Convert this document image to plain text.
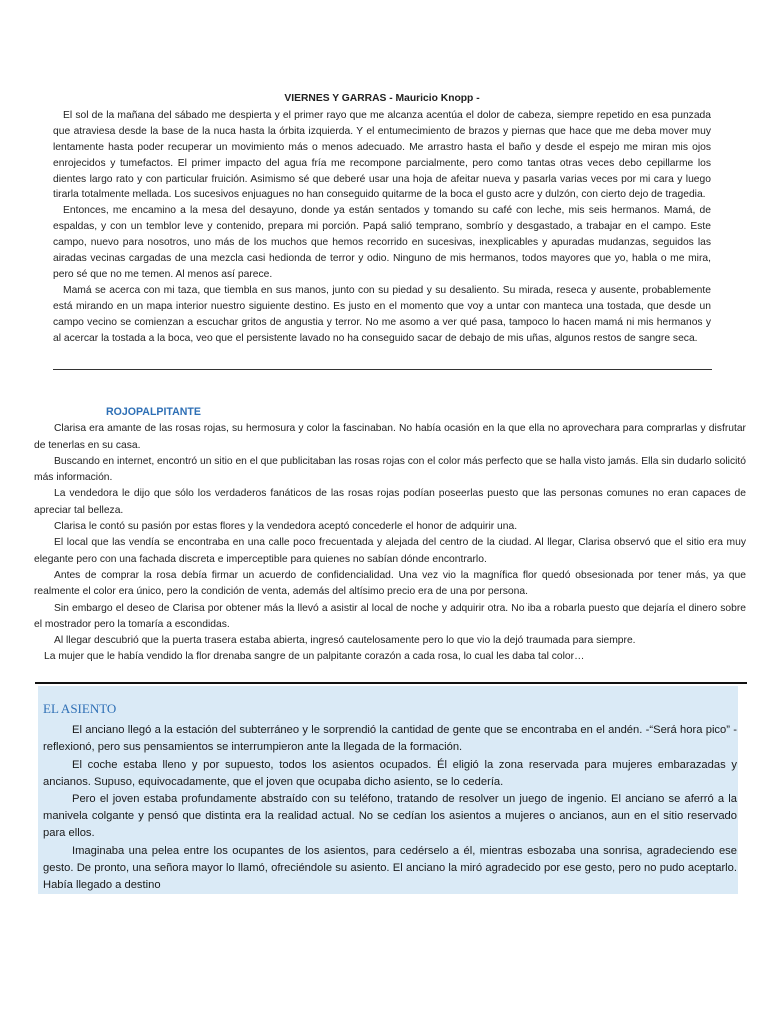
VIERNES Y GARRAS - Mauricio Knopp -

El sol de la mañana del sábado me despierta y el primer rayo que me alcanza acentúa el dolor de cabeza, siempre repetido en esa punzada que atraviesa desde la base de la nuca hasta la órbita izquierda. Y el entumecimiento de brazos y piernas que hace que me deba mover muy lentamente hasta poder recuperar un movimiento más o menos adecuado. Me arrastro hasta el baño y desde el espejo me miran mis ojos enrojecidos y tumefactos. El primer impacto del agua fría me recompone parcialmente, pero como tantas otras veces debo cepillarme los dientes largo rato y con particular fruición. Asimismo sé que deberé usar una hoja de afeitar nueva y pasarla varias veces por mi cara y luego tirarla totalmente mellada. Los sucesivos enjuagues no han conseguido quitarme de la boca el gusto acre y dulzón, con cierto dejo de tragedia.

Entonces, me encamino a la mesa del desayuno, donde ya están sentados y tomando su café con leche, mis seis hermanos. Mamá, de espaldas, y con un temblor leve y contenido, prepara mi porción. Papá salió temprano, sombrío y desgastado, a trabajar en el campo. Este campo, nuevo para nosotros, uno más de los muchos que hemos recorrido en sucesivas, inexplicables y apuradas mudanzas, seguidos las airadas vecinas cargadas de una mezcla casi hedionda de terror y odio. Ninguno de mis hermanos, todos mayores que yo, habla o me mira, pero sé que no me temen. Al menos así parece.

Mamá se acerca con mi taza, que tiembla en sus manos, junto con su piedad y su desaliento. Su mirada, reseca y ausente, probablemente está mirando en un mapa interior nuestro siguiente destino. Es justo en el momento que voy a untar con manteca una tostada, que desde un campo vecino se comienzan a escuchar gritos de angustia y terror. No me asomo a ver qué pasa, tampoco lo hacen mamá ni mis hermanos y al acercar la tostada a la boca, veo que el persistente lavado no ha conseguido sacar de debajo de mis uñas, algunos restos de sangre seca.

ROJOPALPITANTE

Clarisa era amante de las rosas rojas, su hermosura y color la fascinaban. No había ocasión en la que ella no aprovechara para comprarlas y disfrutar de tenerlas en su casa.

Buscando en internet, encontró un sitio en el que publicitaban las rosas rojas con el color más perfecto que se halla visto jamás. Ella sin dudarlo solicitó más información.

La vendedora le dijo que sólo los verdaderos fanáticos de las rosas rojas podían poseerlas puesto que las personas comunes no eran capaces de apreciar tal belleza.

Clarisa le contó su pasión por estas flores y la vendedora aceptó concederle el honor de adquirir una.

El local que las vendía se encontraba en una calle poco frecuentada y alejada del centro de la ciudad. Al llegar, Clarisa observó que el sitio era muy elegante pero con una fachada discreta e imperceptible para quienes no sabían dónde encontrarlo.

Antes de comprar la rosa debía firmar un acuerdo de confidencialidad. Una vez vio la magnífica flor quedó obsesionada por tener más, ya que realmente el color era único, pero la condición de venta, además del altísimo precio era de una por persona.

Sin embargo el deseo de Clarisa por obtener más la llevó a asistir al local de noche y adquirir otra. No iba a robarla puesto que dejaría el dinero sobre el mostrador pero la tomaría a escondidas.

Al llegar descubrió que la puerta trasera estaba abierta, ingresó cautelosamente pero lo que vio la dejó traumada para siempre.

La mujer que le había vendido la flor drenaba sangre de un palpitante corazón a cada rosa, lo cual les daba tal color…

EL ASIENTO

El anciano llegó a la estación del subterráneo y le sorprendió la cantidad de gente que se encontraba en el andén. -“Será hora pico” - reflexionó, pero sus pensamientos se interrumpieron ante la llegada de la formación.

El coche estaba lleno y por supuesto, todos los asientos ocupados. Él eligió la zona reservada para mujeres embarazadas y ancianos. Supuso, equivocadamente, que el joven que ocupaba dicho asiento, se lo cedería.

Pero el joven estaba profundamente abstraído con su teléfono, tratando de resolver un juego de ingenio. El anciano se aferró a la manivela colgante y pensó que distinta era la realidad actual. No se cedían los asientos a mujeres o ancianos, aun en el sitio reservado para ellos.

Imaginaba una pelea entre los ocupantes de los asientos, para cedérselo a él, mientras esbozaba una sonrisa, agradeciendo ese gesto. De pronto, una señora mayor lo llamó, ofreciéndole su asiento. El anciano la miró agradecido por ese gesto, pero no pudo aceptarlo. Había llegado a destino
